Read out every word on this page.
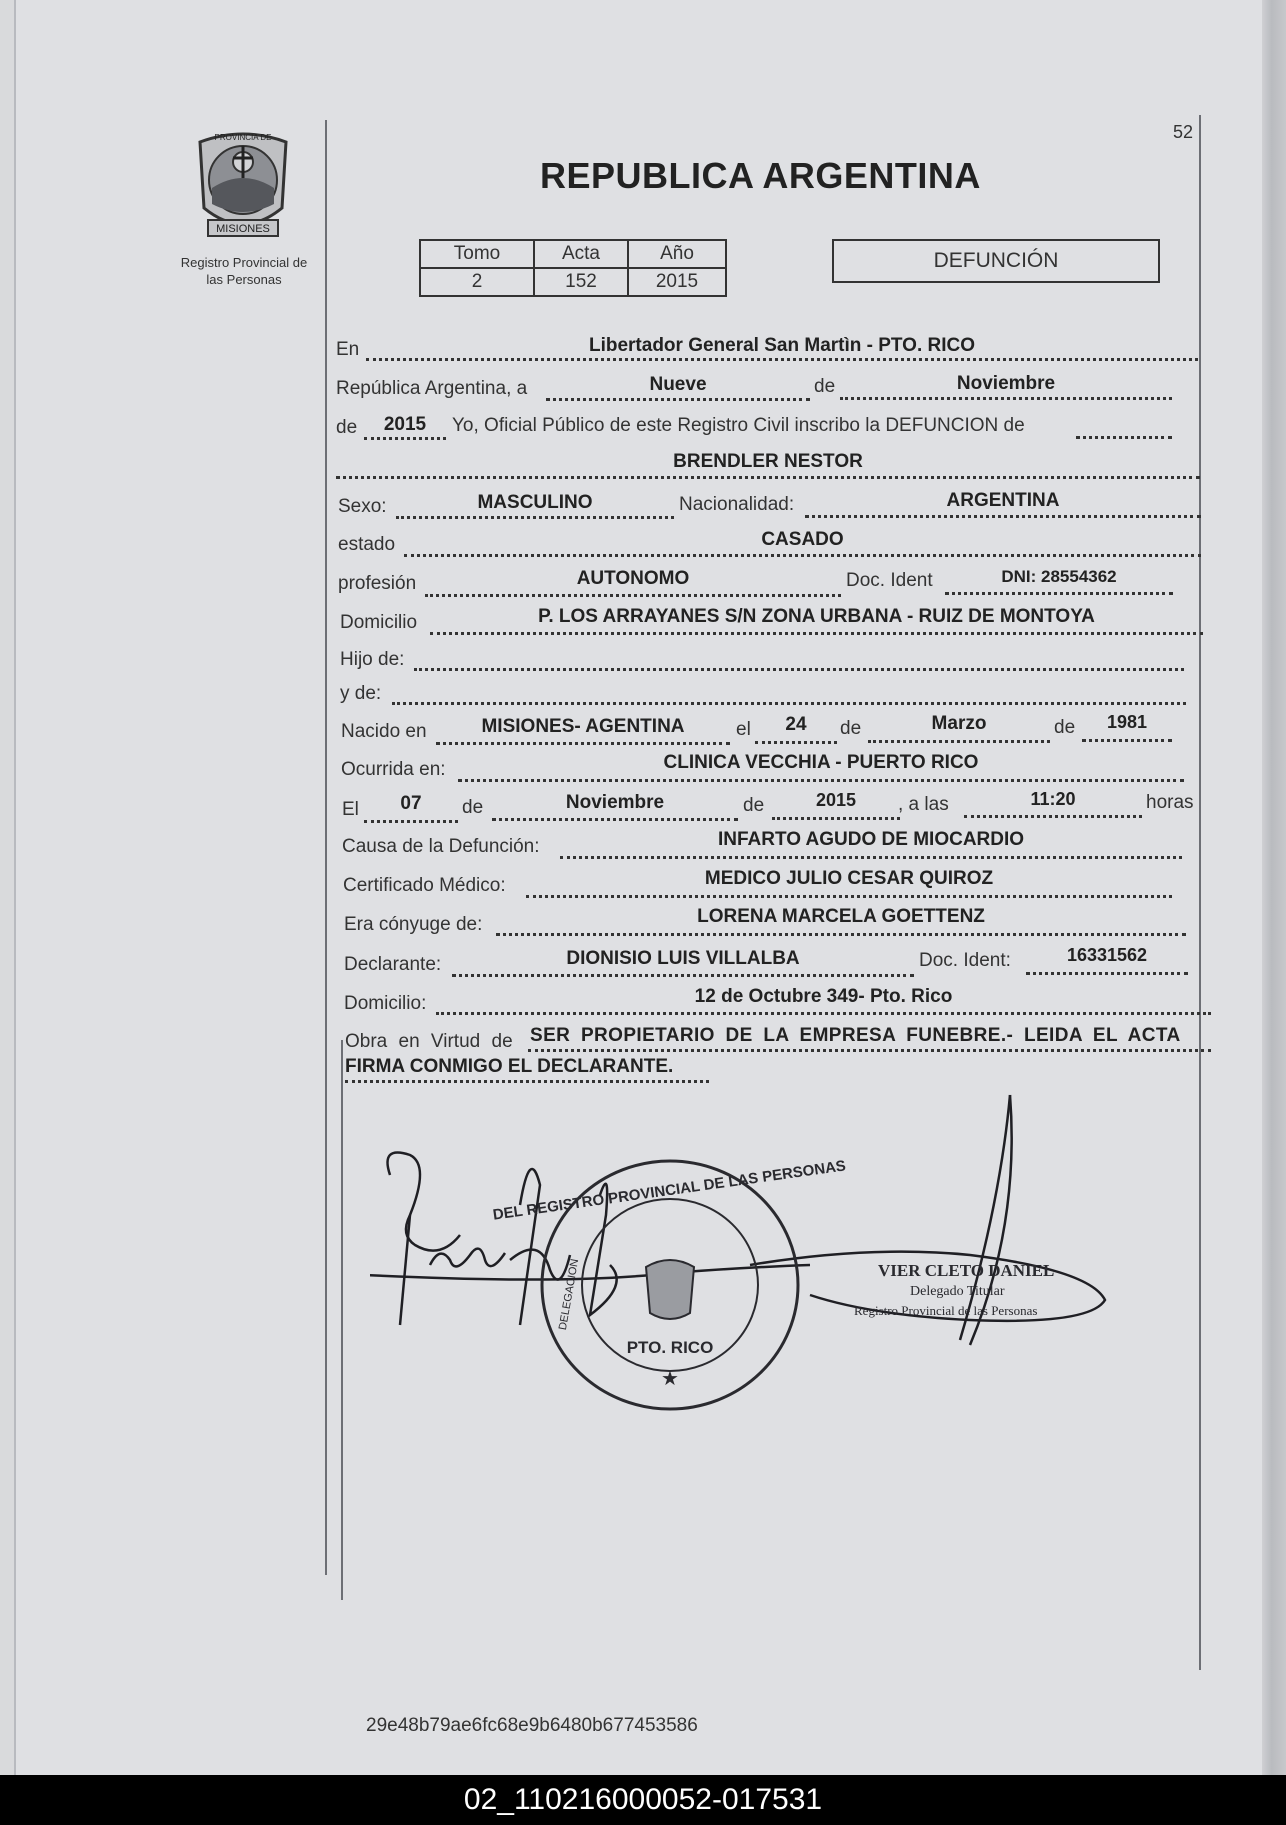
MISIONES
PROVINCIA DE
Registro Provincial de
las Personas
52
REPUBLICA ARGENTINA
Tomo	Acta	Año
2	152	2015
DEFUNCIÓN
En	Libertador General San Martìn - PTO. RICO
República Argentina, a	Nueve	de	Noviembre
de	2015	Yo, Oficial Público de este Registro Civil inscribo la DEFUNCION de
BRENDLER NESTOR
Sexo:	MASCULINO	Nacionalidad:	ARGENTINA
estado	CASADO
profesión	AUTONOMO	Doc. Ident	DNI: 28554362
Domicilio	P. LOS ARRAYANES S/N ZONA URBANA - RUIZ DE MONTOYA
Hijo de:
y de:
Nacido en	MISIONES- AGENTINA	el	24	de	Marzo	de	1981
Ocurrida en:	CLINICA VECCHIA - PUERTO RICO
El	07	de	Noviembre	de	2015	, a las	11:20	horas
Causa de la Defunción:	INFARTO AGUDO DE MIOCARDIO
Certificado Médico:	MEDICO JULIO CESAR QUIROZ
Era cónyuge de:	LORENA MARCELA GOETTENZ
Declarante:	DIONISIO LUIS VILLALBA	Doc. Ident:	16331562
Domicilio:	12 de Octubre 349- Pto. Rico
Obra en Virtud de SER PROPIETARIO DE LA EMPRESA FUNEBRE.- LEIDA EL ACTA
FIRMA CONMIGO EL DECLARANTE.
★
DEL REGISTRO PROVINCIAL DE LAS PERSONAS
PTO. RICO
DELEGACION	VIER CLETO DANIEL
Delegado Titular
Registro Provincial de las Personas
29e48b79ae6fc68e9b6480b677453586
02_110216000052-017531
